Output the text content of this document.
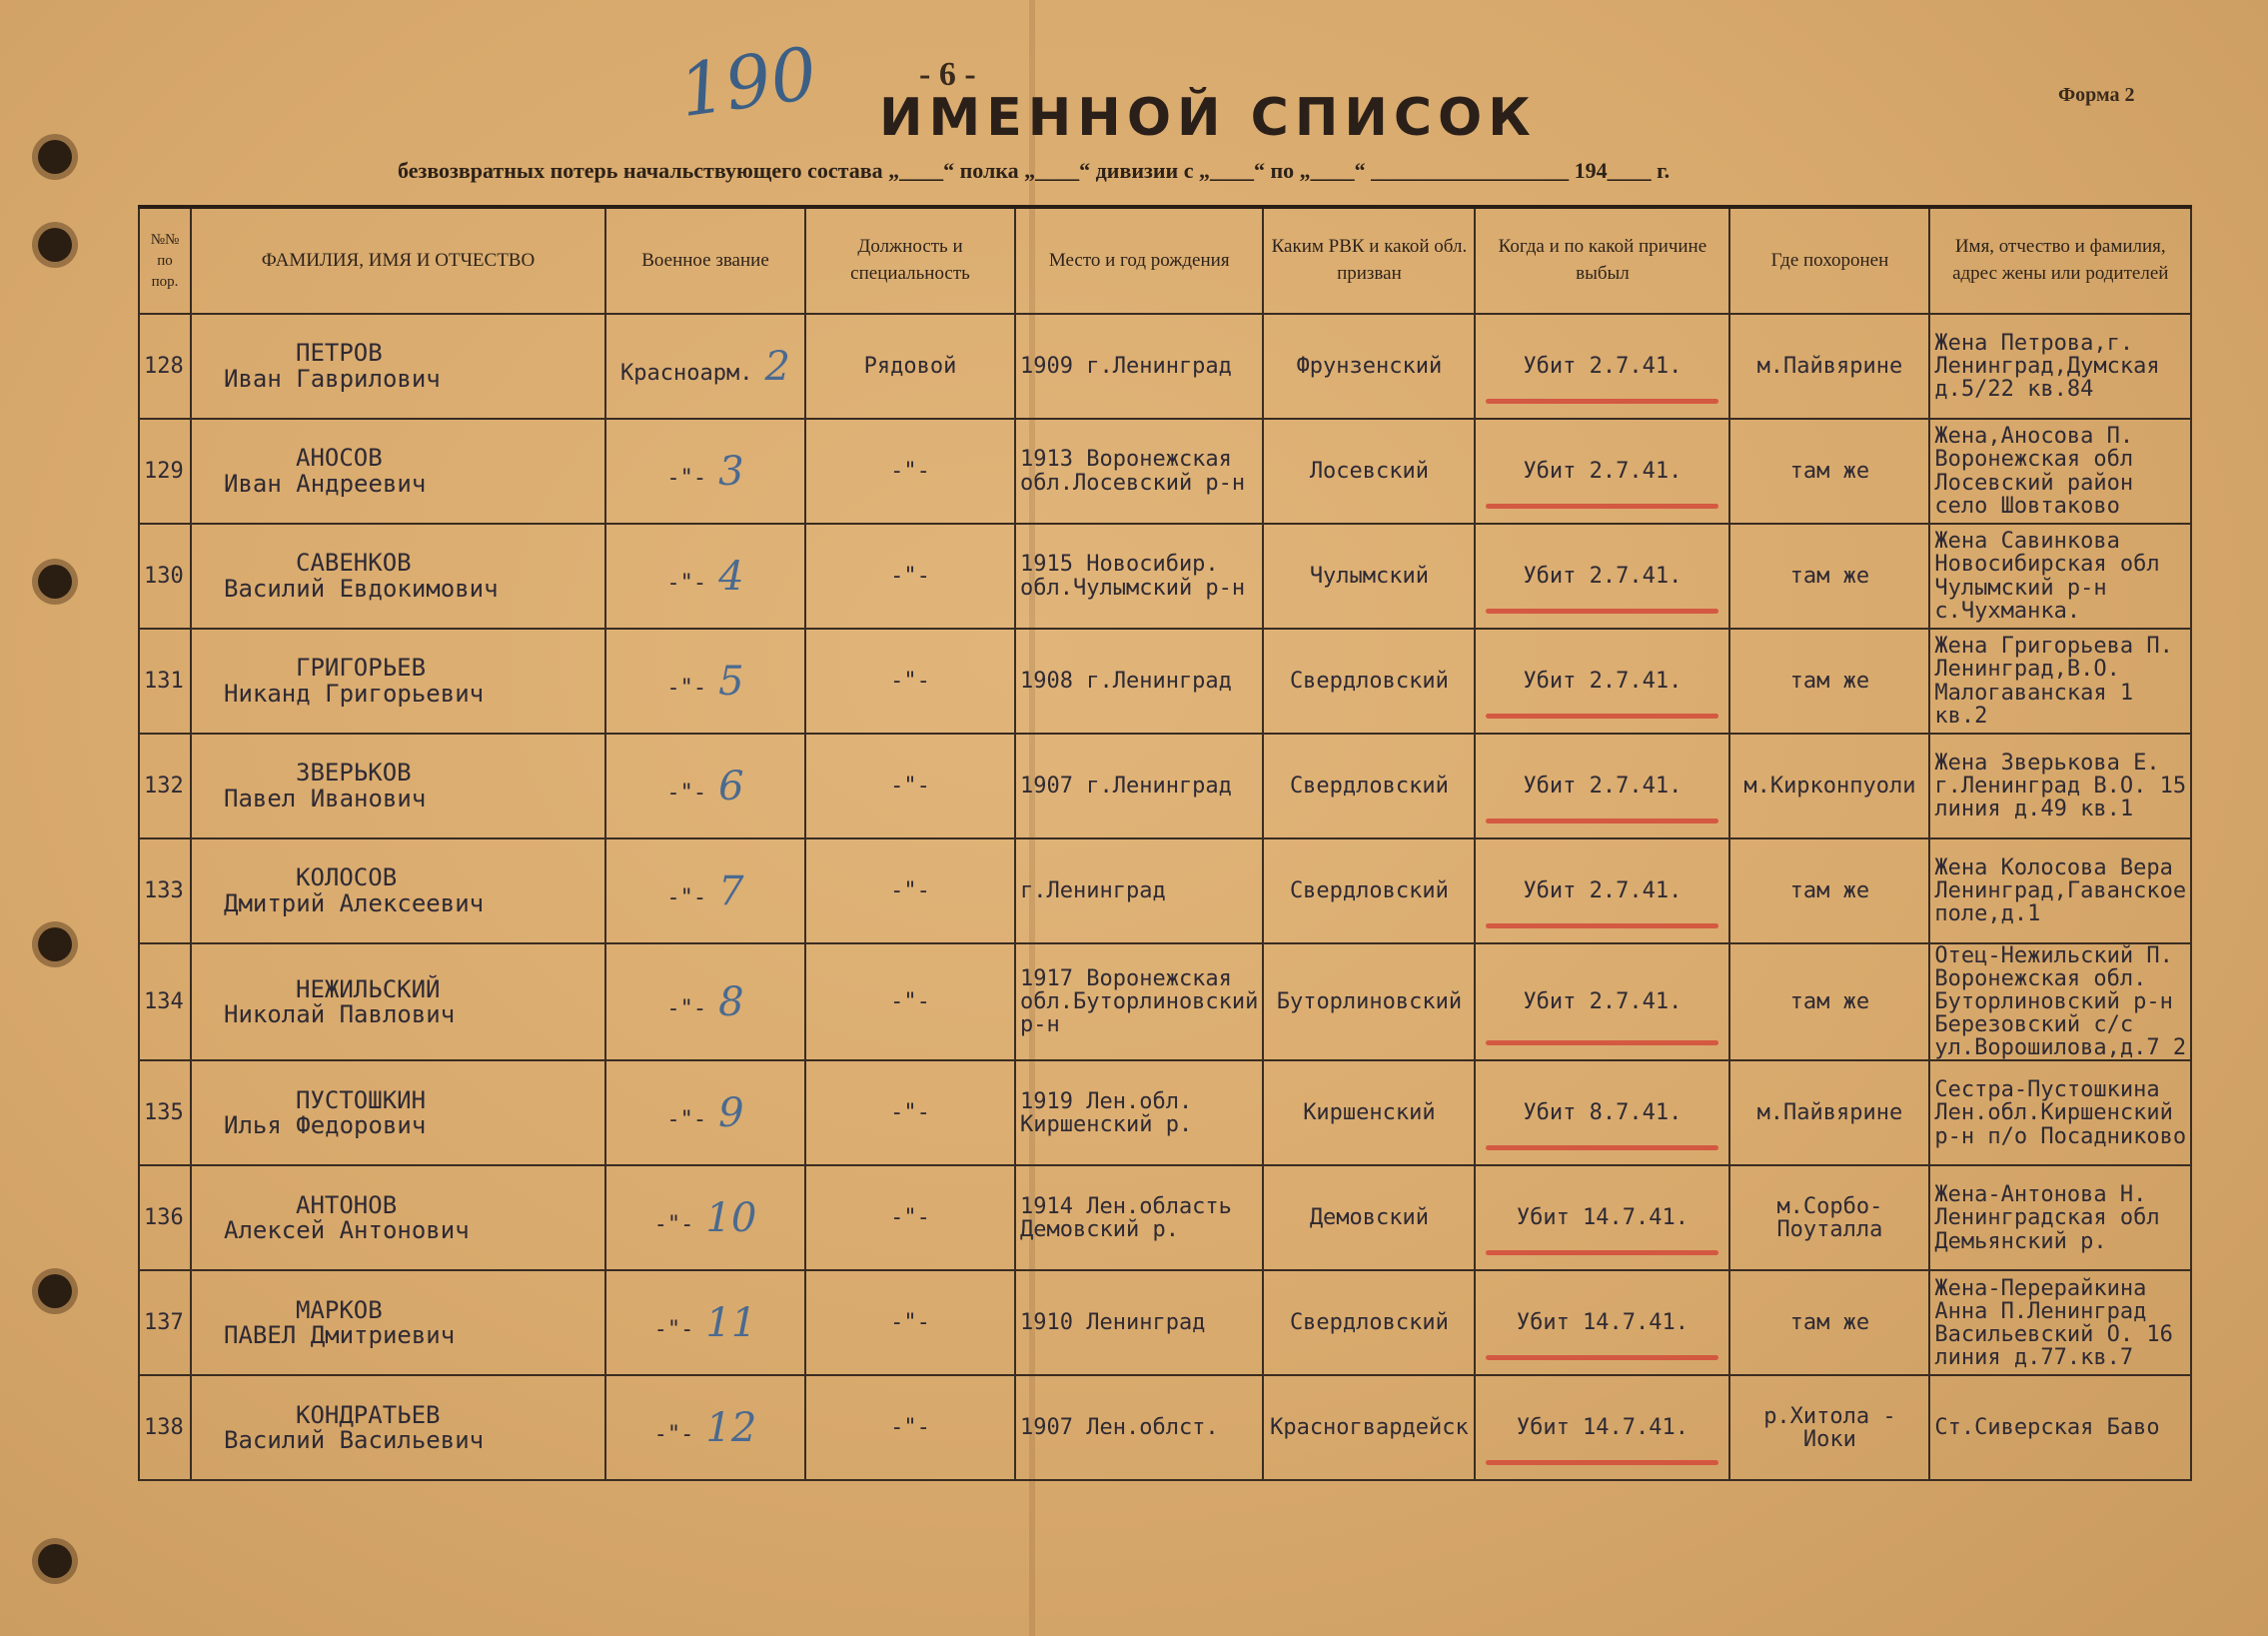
190	- 6 -
ИМЕННОЙ СПИСОК	Форма 2
безвозвратных потерь начальствующего состава „____“ полка „____“ дивизии с „____“ по „____“ __________________ 194____ г.
№№ по пор.	ФАМИЛИЯ, ИМЯ И ОТЧЕСТВО	Военное звание	Должность и специальность	Место и год рождения	Каким РВК и какой обл. призван	Когда и по какой причине выбыл	Где похоронен	Имя, отчество и фамилия, адрес жены или родителей
128	ПЕТРОВ
Иван Гаврилович	Красноарм. 2	Рядовой	1909 г.Ленинград	Фрунзенский	Убит 2.7.41.	м.Пайвярине	Жена Петрова,г. Ленинград,Думская д.5/22 кв.84
129	АНОСОВ
Иван Андреевич	-"- 3	-"-	1913 Воронежская обл.Лосевский р-н	Лосевский	Убит 2.7.41.	там же	Жена,Аносова П. Воронежская обл Лосевский район село Шовтаково
130	САВЕНКОВ
Василий Евдокимович	-"- 4	-"-	1915 Новосибир. обл.Чулымский р-н	Чулымский	Убит 2.7.41.	там же	Жена Савинкова Новосибирская обл Чулымский р-н с.Чухманка.
131	ГРИГОРЬЕВ
Никанд Григорьевич	-"- 5	-"-	1908 г.Ленинград	Свердловский	Убит 2.7.41.	там же	Жена Григорьева П. Ленинград,В.О. Малогаванская 1 кв.2
132	ЗВЕРЬКОВ
Павел Иванович	-"- 6	-"-	1907 г.Ленинград	Свердловский	Убит 2.7.41.	м.Кирконпуоли	Жена Зверькова Е. г.Ленинград В.О. 15 линия д.49 кв.1
133	КОЛОСОВ
Дмитрий Алексеевич	-"- 7	-"-	г.Ленинград	Свердловский	Убит 2.7.41.	там же	Жена Колосова Вера Ленинград,Гаванское поле,д.1
134	НЕЖИЛЬСКИЙ
Николай Павлович	-"- 8	-"-	1917 Воронежская обл.Буторлиновский р-н	Буторлиновский	Убит 2.7.41.	там же	Отец-Нежильский П. Воронежская обл. Буторлиновский р-н Березовский с/с ул.Ворошилова,д.7 2
135	ПУСТОШКИН
Илья Федорович	-"- 9	-"-	1919 Лен.обл. Киршенский р.	Киршенский	Убит 8.7.41.	м.Пайвярине	Сестра-Пустошкина Лен.обл.Киршенский р-н п/о Посадниково
136	АНТОНОВ
Алексей Антонович	-"- 10	-"-	1914 Лен.область Демовский р.	Демовский	Убит 14.7.41.	м.Сорбо-Поуталла	Жена-Антонова Н. Ленинградская обл Демьянский р.
137	МАРКОВ
ПАВЕЛ Дмитриевич	-"- 11	-"-	1910 Ленинград	Свердловский	Убит 14.7.41.	там же	Жена-Перерайкина Анна П.Ленинград Васильевский О. 16 линия д.77.кв.7
138	КОНДРАТЬЕВ
Василий Васильевич	-"- 12	-"-	1907 Лен.облст.	Красногвардейск	Убит 14.7.41.	р.Хитола - Иоки	Ст.Сиверская Баво
